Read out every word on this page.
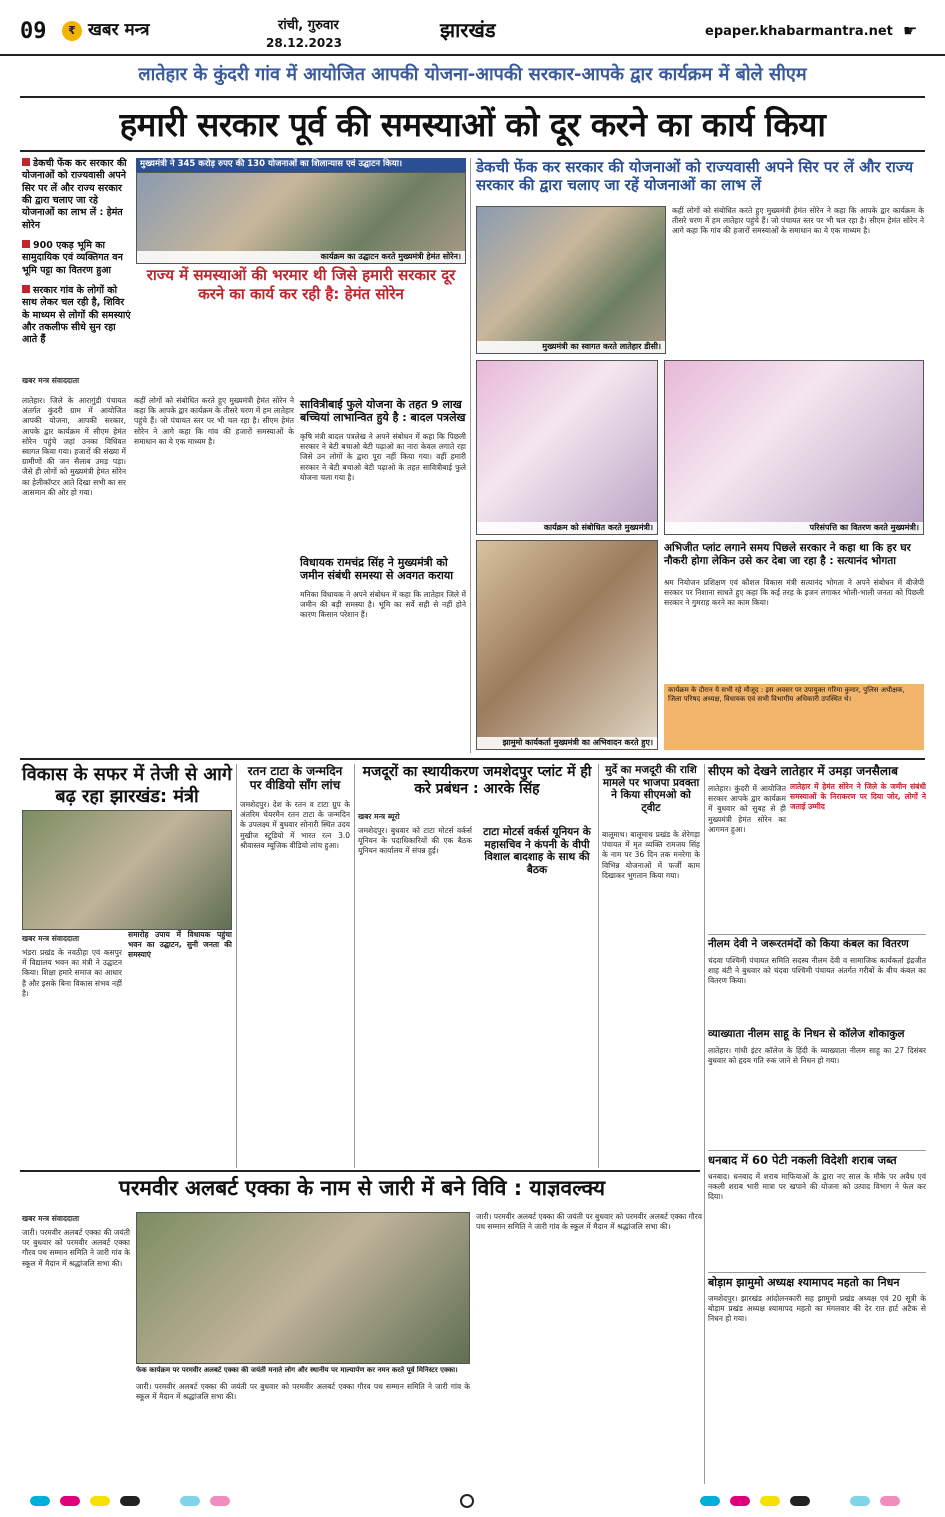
09	₹ खबर मन्त्र	रांची, गुरुवार
28.12.2023
झारखंड	epaper.khabarmantra.net ☛
लातेहार के कुंदरी गांव में आयोजित आपकी योजना-आपकी सरकार-आपके द्वार कार्यक्रम में बोले सीएम
हमारी सरकार पूर्व की समस्याओं को दूर करने का कार्य किया
डेकची फेंक कर सरकार की योजनाओं को राज्यवासी अपने सिर पर लें और राज्य सरकार की द्वारा चलाए जा रहे योजनाओं का लाभ लें : हेमंत सोरेन
900 एकड़ भूमि का सामुदायिक एवं व्यक्तिगत वन भूमि पट्टा का वितरण हुआ
सरकार गांव के लोगों को साथ लेकर चल रही है, शिविर के माध्यम से लोगों की समस्याएं और तकलीफ सीधे सुन रहा आते हैं
मुख्यमंत्री ने 345 करोड़ रुपए की 130 योजनाओं का शिलान्यास एवं उद्घाटन किया।
कार्यक्रम का उद्घाटन करते मुख्यमंत्री हेमंत सोरेन।
राज्य में समस्याओं की भरमार थी जिसे हमारी सरकार दूर करने का कार्य कर रही है: हेमंत सोरेन
खबर मन्त्र संवाददाता
लातेहार। जिले के आरागुंडी पंचायत अंतर्गत कुंदरी ग्राम में आयोजित आपकी योजना, आपकी सरकार, आपके द्वार कार्यक्रम में सीएम हेमंत सोरेन पहुंचे जहां उनका विधिवत स्वागत किया गया। हजारों की संख्या में ग्रामीणों की जन सैलाब उमड़ पड़ा। जैसे ही लोगों को मुख्यमंत्री हेमंत सोरेन का हेलीकॉप्टर आते दिखा सभी का सर आसमान की ओर हो गया।
कहीं लोगों को संबोधित करते हुए मुख्यमंत्री हेमंत सोरेन ने कहा कि आपके द्वार कार्यक्रम के तीसरे चरण में हम लातेहार पहुंचे हैं। जो पंचायत स्तर पर भी चल रहा है। सीएम हेमंत सोरेन ने आगे कहा कि गांव की हजारों समस्याओं के समाधान का ये एक माध्यम है।
सावित्रीबाई फुले योजना के तहत 9 लाख बच्चियां लाभान्वित हुये है : बादल पत्रलेख
कृषि मंत्री बादल पत्रलेख ने अपने संबोधन में कहा कि पिछली सरकार ने बेटी बचाओ बेटी पढ़ाओ का नारा केवल लगाते रहा जिसे उन लोगों के द्वारा पूरा नहीं किया गया। वहीं हमारी सरकार ने बेटी बचाओ बेटी पढ़ाओ के तहत सावित्रीबाई फुले योजना चला गया है।
विधायक रामचंद्र सिंह ने मुख्यमंत्री को जमीन संबंधी समस्या से अवगत कराया
मनिका विधायक ने अपने संबोधन में कहा कि लातेहार जिले में जमीन की बड़ी समस्या है। भूमि का सर्वे सही से नहीं होने कारण किसान परेशान हैं।
डेकची फेंक कर सरकार की योजनाओं को राज्यवासी अपने सिर पर लें और राज्य सरकार की द्वारा चलाए जा रहें योजनाओं का लाभ लें
मुख्यमंत्री का स्वागत करते लातेहार डीसी।
कहीं लोगों को संबोधित करते हुए मुख्यमंत्री हेमंत सोरेन ने कहा कि आपके द्वार कार्यक्रम के तीसरे चरण में हम लातेहार पहुंचे हैं। जो पंचायत स्तर पर भी चल रहा है। सीएम हेमंत सोरेन ने आगे कहा कि गांव की हजारों समस्याओं के समाधान का ये एक माध्यम है।
कार्यक्रम को संबोधित करते मुख्यमंत्री।	परिसंपत्ति का वितरण करते मुख्यमंत्री।
झामुमो कार्यकर्ता मुख्यमंत्री का अभिवादन करते हुए।
अभिजीत प्लांट लगाने समय पिछले सरकार ने कहा था कि हर घर नौकरी होगा लेकिन उसे कर देबा जा रहा है : सत्यानंद भोगता
श्रम नियोजन प्रशिक्षण एवं कौशल विकास मंत्री सत्यानंद भोगता ने अपने संबोधन में बीजेपी सरकार पर निशाना साधते हुए कहा कि कई तरह के इजन लगाकर भोली-भाली जनता को पिछली सरकार ने गुमराह करने का काम किया।
कार्यक्रम के दौरान ये सभी रहे मौजूद : इस अवसर पर उपायुक्त गरिमा कुमार, पुलिस अधीक्षक, जिला परिषद अध्यक्ष, विधायक एवं सभी विभागीय अधिकारी उपस्थित थे।
विकास के सफर में तेजी से आगे बढ़ रहा झारखंड: मंत्री
खबर मन्त्र संवाददाता
भंडरा प्रखंड के नवठीहा एवं कसपुर में विद्यालय भवन का मंत्री ने उद्घाटन किया। शिक्षा हमारे समाज का आधार है और इसके बिना विकास संभव नहीं है।
समारोह उपाय में विधायक पहुंचा भवन का उद्घाटन, सुनी जनता की समस्याएं
रतन टाटा के जन्मदिन पर वीडियो सॉंग लांच
जमशेदपुर। देश के रतन व टाटा ग्रुप के अंतरिम चेयरमैन रतन टाटा के जन्मदिन के उपलक्ष्य में बुधवार सोनारी स्थित उदय मुखीज स्टूडियो में भारत रत्न 3.0 श्रीवास्तव म्यूजिक वीडियो लांच हुआ।
मजदूरों का स्थायीकरण जमशेदपुर प्लांट में ही करे प्रबंधन : आरके सिंह
खबर मन्त्र ब्यूरो
टाटा मोटर्स वर्कर्स यूनियन के महासचिव ने कंपनी के वीपी विशाल बादशाह के साथ की बैठक
जमशेदपुर। बुधवार को टाटा मोटर्स वर्कर्स यूनियन के पदाधिकारियों की एक बैठक यूनियन कार्यालय में संपन्न हुई।
मुर्दे का मजदूरी की राशि मामले पर भाजपा प्रवक्ता ने किया सीएमओ को ट्वीट
बालूमाथ। बालूमाथ प्रखंड के शेरेगड़ा पंचायत में मृत व्यक्ति रामजय सिंह के नाम पर 36 दिन तक मनरेगा के विभिन्न योजनाओं में फर्जी काम दिखाकर भुगतान किया गया।
सीएम को देखने लातेहार में उमड़ा जनसैलाब
लातेहार में हेमंत सोरेन ने जिले के जमीन संबंधी समस्याओं के निराकरण पर दिया जोर, लोगों ने जताई उम्मीद
लातेहार। कुंदरी में आयोजित सरकार आपके द्वार कार्यक्रम में बुधवार को सुबह से ही मुख्यमंत्री हेमंत सोरेन का आगमन हुआ।
नीलम देवी ने जरूरतमंदों को किया कंबल का वितरण
चंदवा पश्चिमी पंचायत समिति सदस्य नीलम देवी व सामाजिक कार्यकर्ता इंद्रजीत शाह बंटी ने बुधवार को चंदवा पश्चिमी पंचायत अंतर्गत गरीबों के बीच कंबल का वितरण किया।
व्याख्याता नीलम साहू के निधन से कॉलेज शोकाकुल
लातेहार। गांधी इंटर कॉलेज के हिंदी के व्याख्याता नीलम साहू का 27 दिसंबर बुधवार को हृदय गति रुक जाने से निधन हो गया।
परमवीर अलबर्ट एक्का के नाम से जारी में बने विवि : याज्ञवल्क्य
खबर मन्त्र संवाददाता
जारी। परमवीर अलबर्ट एक्का की जयंती पर बुधवार को परमवीर अलबर्ट एक्का गौरव पथ सम्मान समिति ने जारी गांव के स्कूल में मैदान में श्रद्धांजलि सभा की।
फेक कार्यक्रम पर परमवीर अलबर्ट एक्का की जयंती मनाते लोग और स्थानीय पर माल्यार्पण कर नमन करते पूर्व मिनिस्टर एक्का।
जारी। परमवीर अलबर्ट एक्का की जयंती पर बुधवार को परमवीर अलबर्ट एक्का गौरव पथ सम्मान समिति ने जारी गांव के स्कूल में मैदान में श्रद्धांजलि सभा की।
जारी। परमवीर अलबर्ट एक्का की जयंती पर बुधवार को परमवीर अलबर्ट एक्का गौरव पथ सम्मान समिति ने जारी गांव के स्कूल में मैदान में श्रद्धांजलि सभा की।
धनबाद में 60 पेटी नकली विदेशी शराब जब्त
धनबाद। धनबाद में शराब माफियाओं के द्वारा नए साल के मौके पर अवैध एवं नकली शराब भारी मात्रा पर खपाने की योजना को उत्पाद विभाग ने फेल कर दिया।
बोड़ाम झामुमो अध्यक्ष श्यामापद महतो का निधन
जमशेदपुर। झारखंड आंदोलनकारी सह झामुमो प्रखंड अध्यक्ष एवं 20 सूत्री के बोड़ाम प्रखंड अध्यक्ष श्यामापद महतो का मंगलवार की देर रात हार्ट अटैक से निधन हो गया।
